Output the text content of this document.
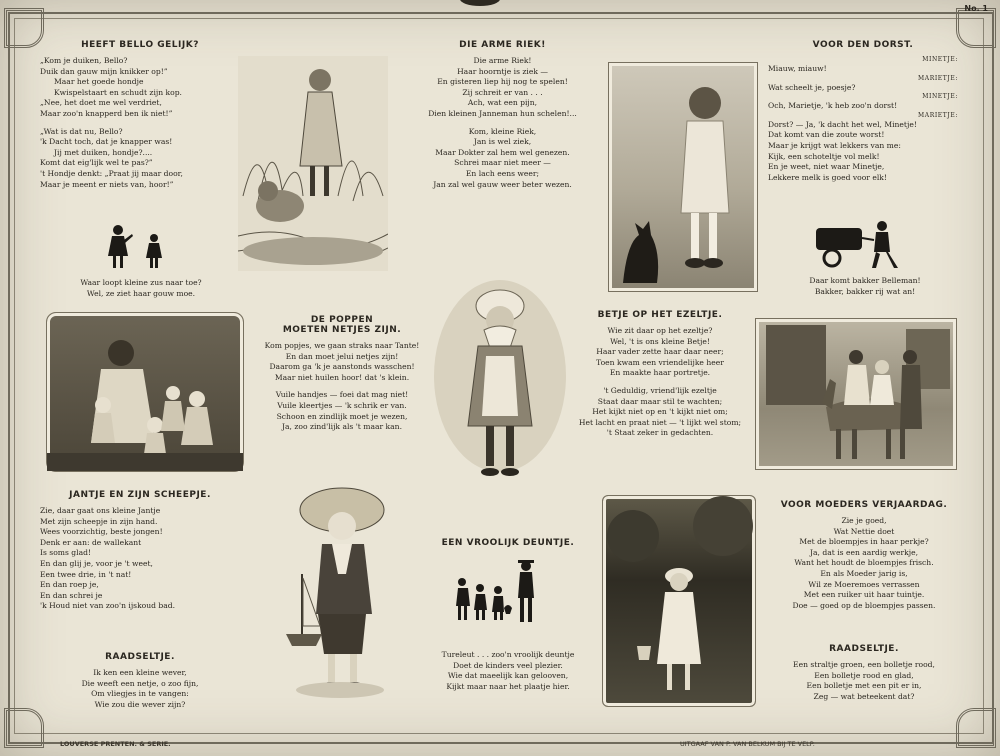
No. 1
HEEFT BELLO GELIJK?
„Kom je duiken, Bello?
Duik dan gauw mijn knikker op!”
Maar het goede hondje
Kwispelstaart en schudt zijn kop.
„Nee, het doet me wel verdriet,
Maar zoo'n knapperd ben ik niet!”

„Wat is dat nu, Bello?
'k Dacht toch, dat je knapper was!
Jij met duiken, hondje?....
Komt dat eig'lijk wel te pas?”
't Hondje denkt: „Praat jij maar door,
Maar je meent er niets van, hoor!”
Waar loopt kleine zus naar toe?
Wel, ze ziet haar gouw moe.
DIE ARME RIEK!
Die arme Riek!
Haar hoorntje is ziek —
En gisteren liep hij nog te spelen!
Zij schreit er van . . .
Ach, wat een pijn,
Dien kleinen Janneman hun schelen!...

Kom, kleine Riek,
Jan is wel ziek,
Maar Dokter zal hem wel genezen.
Schrei maar niet meer —
En lach eens weer;
Jan zal wel gauw weer beter wezen.
VOOR DEN DORST.
MINETJE:
Miauw, miauw!
MARIETJE:
Wat scheelt je, poesje?
MINETJE:
Och, Marietje, 'k heb zoo'n dorst!
MARIETJE:
Dorst? — Ja, 'k dacht het wel, Minetje!
Dat komt van die zoute worst!
Maar je krijgt wat lekkers van me:
Kijk, een schoteltje vol melk!
En je weet, niet waar Minetje,
Lekkere melk is goed voor elk!
Daar komt bakker Belleman!
Bakker, bakker rij wat an!
DE POPPEN
MOETEN NETJES ZIJN.
Kom popjes, we gaan straks naar Tante!
En dan moet jelui netjes zijn!
Daarom ga 'k je aanstonds wasschen!
Maar niet huilen hoor! dat 's klein.

Vuile handjes — foei dat mag niet!
Vuile kleertjes — 'k schrik er van.
Schoon en zindlijk moet je wezen,
Ja, zoo zind'lijk als 't maar kan.
BETJE OP HET EZELTJE.
Wie zit daar op het ezeltje?
Wel, 't is ons kleine Betje!
Haar vader zette haar daar neer;
Toen kwam een vriendelijke heer
En maakte haar portretje.

't Geduldig, vriend'lijk ezeltje
Staat daar maar stil te wachten;
Het kijkt niet op en 't kijkt niet om;
Het lacht en praat niet — 't lijkt wel stom;
't Staat zeker in gedachten.
JANTJE EN ZIJN SCHEEPJE.
Zie, daar gaat ons kleine Jantje
Met zijn scheepje in zijn hand.
Wees voorzichtig, beste jongen!
Denk er aan: de wallekant
Is soms glad!
En dan glij je, voor je 't weet,
Een twee drie, in 't nat!
En dan roep je,
En dan schrei je
'k Houd niet van zoo'n ijskoud bad.
RAADSELTJE.
Ik ken een kleine wever,
Die weeft een netje, o zoo fijn,
Om vliegjes in te vangen:
Wie zou die wever zijn?
EEN VROOLIJK DEUNTJE.
Tureleut . . . zoo'n vroolijk deuntje
Doet de kinders veel plezier.
Wie dat maeelijk kan gelooven,
Kijkt maar naar het plaatje hier.
VOOR MOEDERS VERJAARDAG.
Zie je goed,
Wat Nettie doet
Met de bloempjes in haar perkje?
Ja, dat is een aardig werkje,
Want het houdt de bloempjes frisch.
En als Moeder jarig is,
Wil ze Moeremoes verrassen
Met een ruiker uit haar tuintje.
Doe — goed op de bloempjes passen.
RAADSELTJE.
Een straltje groen, een bolletje rood,
Een bolletje rood en glad,
Een bolletje met een pit er in,
Zeg — wat beteekent dat?
LOUVERSE PRENTEN. & SERIE.	UITGAAF VAN P. VAN BELKUM BIJ TE VELP.
